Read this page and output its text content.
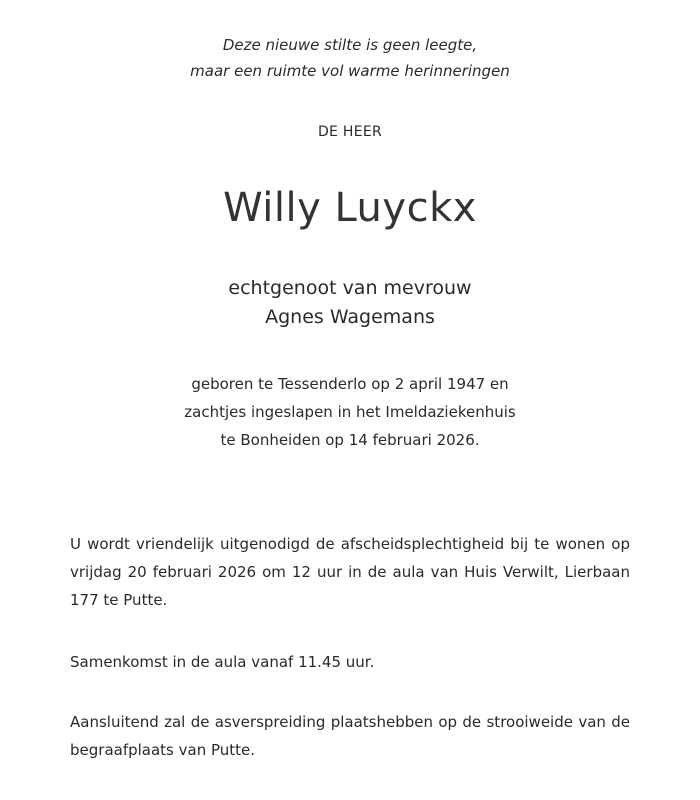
Deze nieuwe stilte is geen leegte,
maar een ruimte vol warme herinneringen
DE HEER
Willy Luyckx
echtgenoot van mevrouw
Agnes Wagemans
geboren te Tessenderlo op 2 april 1947 en
zachtjes ingeslapen in het Imeldaziekenhuis
te Bonheiden op 14 februari 2026.
U wordt vriendelijk uitgenodigd de afscheidsplechtigheid bij te wonen op vrijdag 20 februari 2026 om 12 uur in de aula van Huis Verwilt, Lierbaan 177 te Putte.
Samenkomst in de aula vanaf 11.45 uur.
Aansluitend zal de asverspreiding plaatshebben op de strooiweide van de begraafplaats van Putte.
